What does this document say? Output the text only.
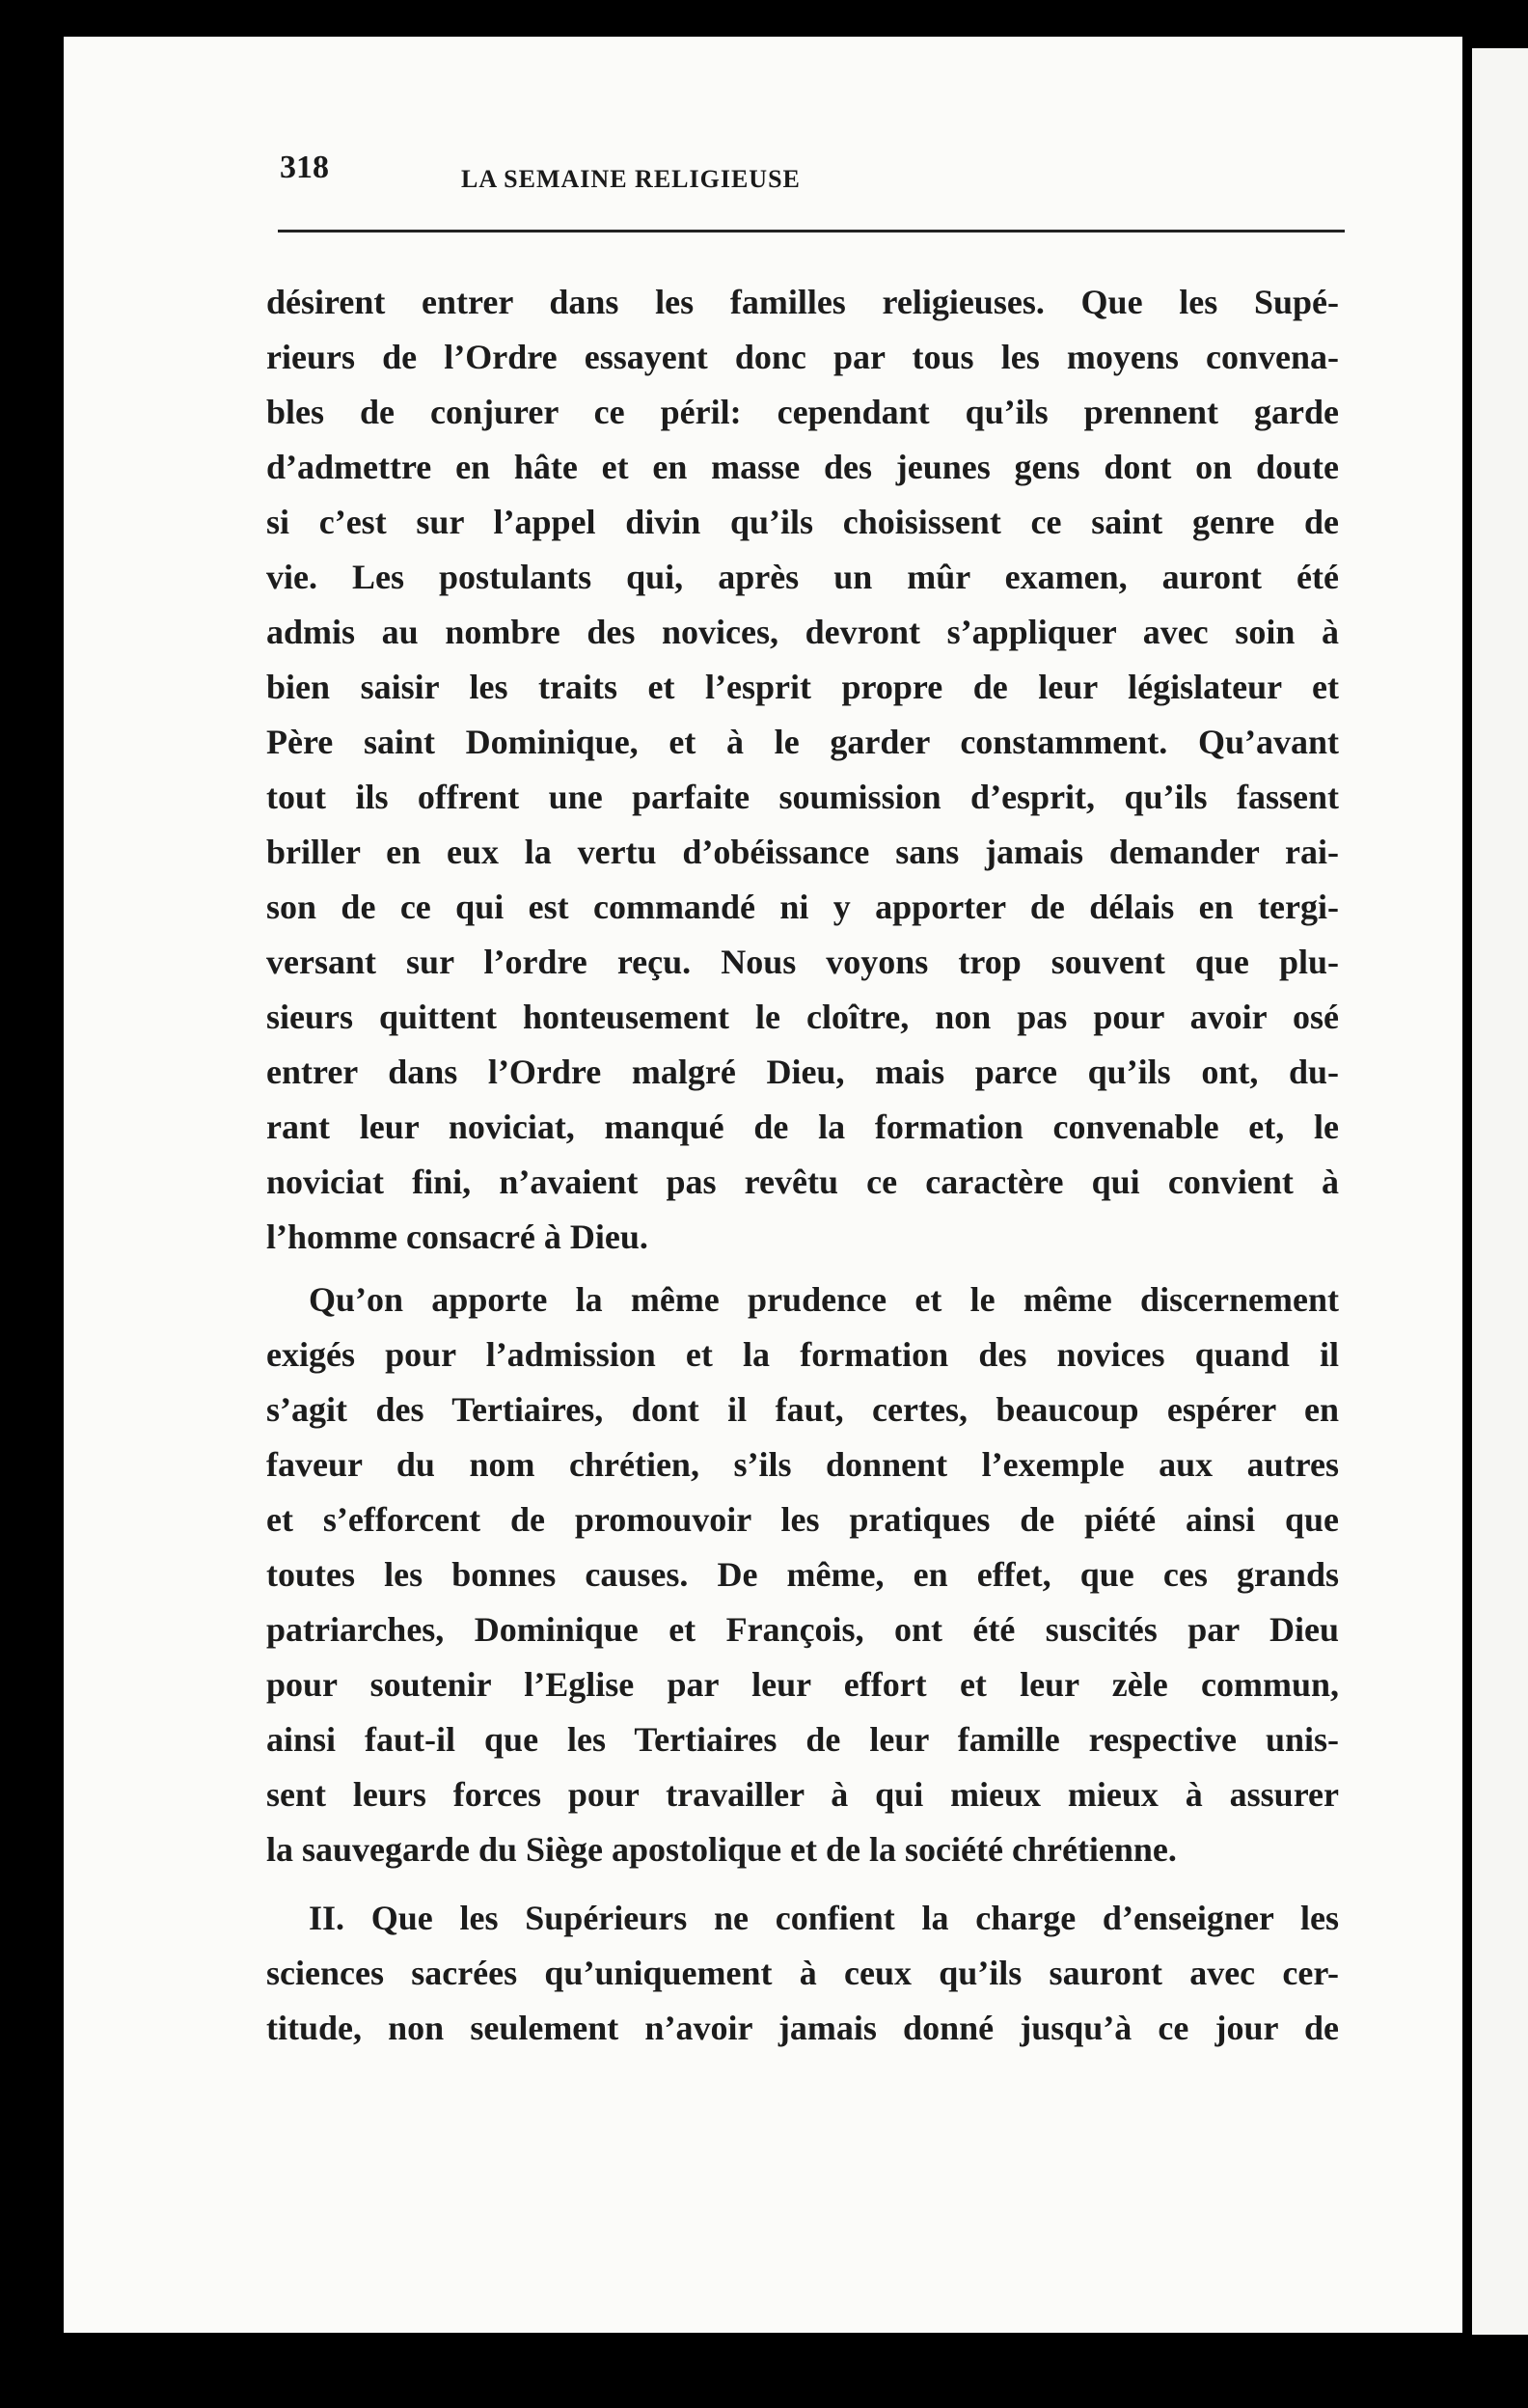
318	LA SEMAINE RELIGIEUSE

désirent entrer dans les familles religieuses. Que les Supé-
rieurs de l’Ordre essayent donc par tous les moyens convena-
bles de conjurer ce péril: cependant qu’ils prennent garde
d’admettre en hâte et en masse des jeunes gens dont on doute
si c’est sur l’appel divin qu’ils choisissent ce saint genre de
vie. Les postulants qui, après un mûr examen, auront été
admis au nombre des novices, devront s’appliquer avec soin à
bien saisir les traits et l’esprit propre de leur législateur et
Père saint Dominique, et à le garder constamment. Qu’avant
tout ils offrent une parfaite soumission d’esprit, qu’ils fassent
briller en eux la vertu d’obéissance sans jamais demander rai-
son de ce qui est commandé ni y apporter de délais en tergi-
versant sur l’ordre reçu. Nous voyons trop souvent que plu-
sieurs quittent honteusement le cloître, non pas pour avoir osé
entrer dans l’Ordre malgré Dieu, mais parce qu’ils ont, du-
rant leur noviciat, manqué de la formation convenable et, le
noviciat fini, n’avaient pas revêtu ce caractère qui convient à
l’homme consacré à Dieu.

Qu’on apporte la même prudence et le même discernement
exigés pour l’admission et la formation des novices quand il
s’agit des Tertiaires, dont il faut, certes, beaucoup espérer en
faveur du nom chrétien, s’ils donnent l’exemple aux autres
et s’efforcent de promouvoir les pratiques de piété ainsi que
toutes les bonnes causes. De même, en effet, que ces grands
patriarches, Dominique et François, ont été suscités par Dieu
pour soutenir l’Eglise par leur effort et leur zèle commun,
ainsi faut-il que les Tertiaires de leur famille respective unis-
sent leurs forces pour travailler à qui mieux mieux à assurer
la sauvegarde du Siège apostolique et de la société chrétienne.

II. Que les Supérieurs ne confient la charge d’enseigner les
sciences sacrées qu’uniquement à ceux qu’ils sauront avec cer-
titude, non seulement n’avoir jamais donné jusqu’à ce jour de
